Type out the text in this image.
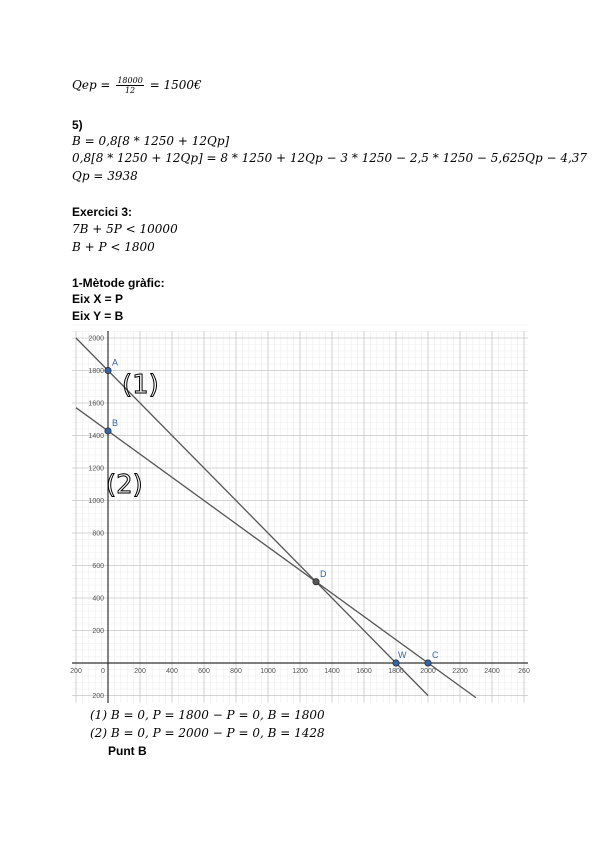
Qep = $\frac{18000}{12}$ = 1500€
5)
B = 0,8[8 * 1250 + 12Qp]
0,8[8 * 1250 + 12Qp] = 8 * 1250 + 12Qp − 3 * 1250 − 2,5 * 1250 − 5,625Qp − 4,37
Qp = 3938
Exercici 3:
7B + 5P < 10000
B + P < 1800
1-Mètode gràfic:
Eix X = P
Eix Y = B
200	0	200	400	600	800	1000 1200 1400 1600 1800 2000 2200 2400	260
2000
1800
1600
1400
1200
1000
800
600
400
200
200
A
B
D
W	C
(1)
(2)
(1) B = 0, P = 1800 − P = 0, B = 1800
(2) B = 0, P = 2000 − P = 0, B = 1428
Punt B
